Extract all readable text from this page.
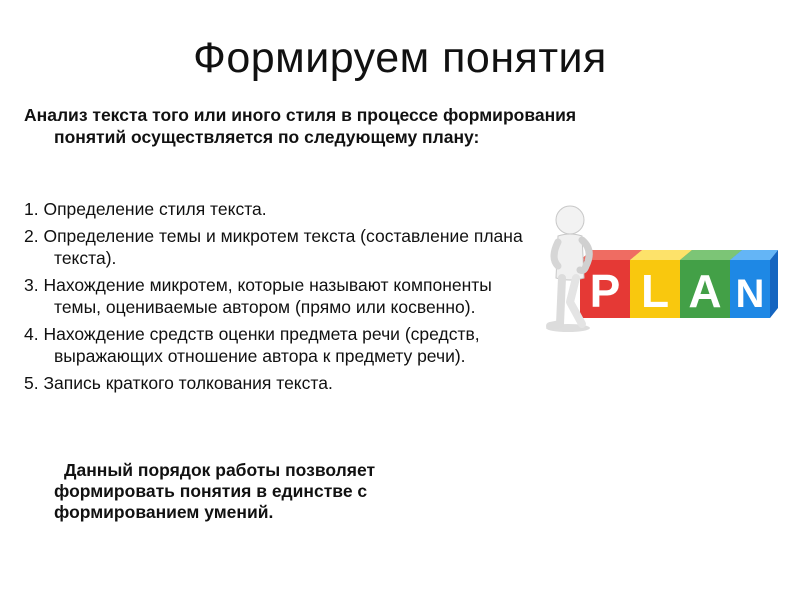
Формируем понятия
Анализ текста того или иного стиля в процессе формирования понятий осуществляется по следующему плану:
1. Определение стиля текста.
2. Определение темы и микротем текста (составление плана текста).
3. Нахождение микротем, которые называют компоненты темы, оцениваемые автором (прямо или косвенно).
4. Нахождение средств оценки предмета речи (средств, выражающих отношение автора к предмету речи).
5. Запись краткого толкования текста.
Данный порядок работы позволяет формировать понятия в единстве с формированием умений.
P L A N
